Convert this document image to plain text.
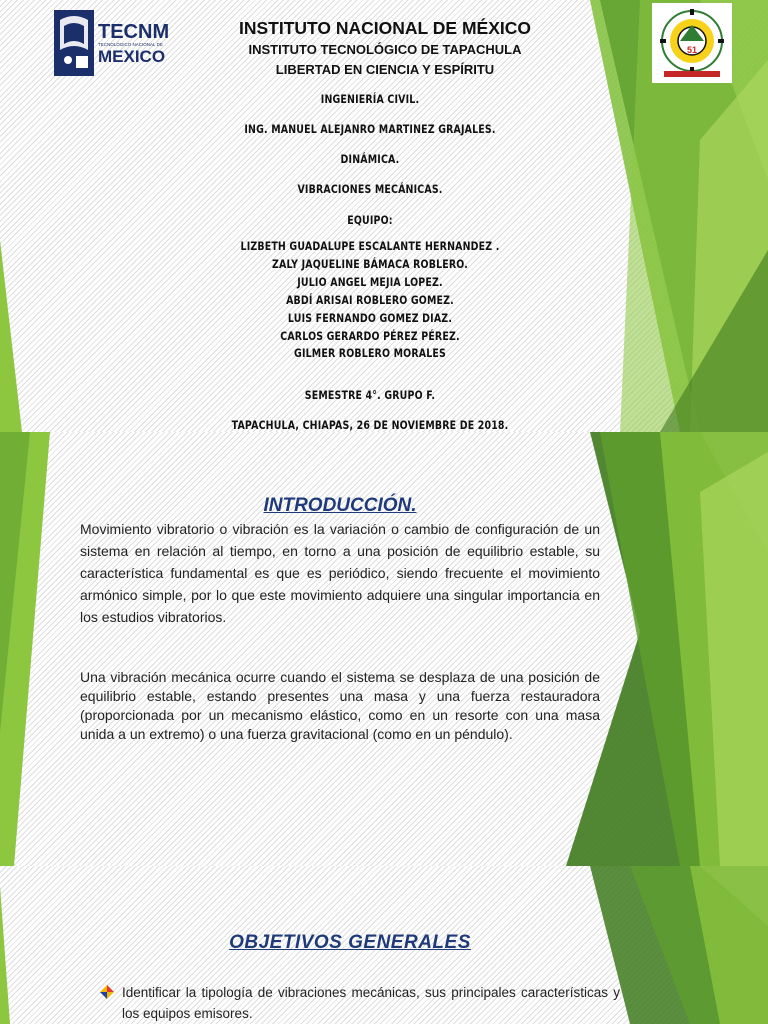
TECNM
TECNOLÓGICO NACIONAL DE
MEXICO	51
INSTITUTO NACIONAL DE MÉXICO
INSTITUTO TECNOLÓGICO DE TAPACHULA
LIBERTAD EN CIENCIA Y ESPÍRITU
INGENIERÍA CIVIL.
ING. MANUEL ALEJANRO MARTINEZ GRAJALES.
DINÁMICA.
VIBRACIONES MECÁNICAS.
EQUIPO:
LIZBETH GUADALUPE ESCALANTE HERNANDEZ .
ZALY JAQUELINE BÁMACA ROBLERO.
JULIO ANGEL MEJIA LOPEZ.
ABDÍ ARISAI ROBLERO GOMEZ.
LUIS FERNANDO GOMEZ DIAZ.
CARLOS GERARDO PÉREZ PÉREZ.
GILMER ROBLERO MORALES
SEMESTRE 4°. GRUPO F.
TAPACHULA, CHIAPAS, 26 DE NOVIEMBRE DE 2018.
INTRODUCCIÓN.

Movimiento vibratorio o vibración es la variación o cambio de configuración de un sistema en relación al tiempo, en torno a una posición de equilibrio estable, su característica fundamental es que es periódico, siendo frecuente el movimiento armónico simple, por lo que este movimiento adquiere una singular importancia en los estudios vibratorios.

Una vibración mecánica ocurre cuando el sistema se desplaza de una posición de equilibrio estable, estando presentes una masa y una fuerza restauradora (proporcionada por un mecanismo elástico, como en un resorte con una masa unida a un extremo) o una fuerza gravitacional (como en un péndulo).

OBJETIVOS GENERALES
Identificar la tipología de vibraciones mecánicas, sus principales características y los equipos emisores.
